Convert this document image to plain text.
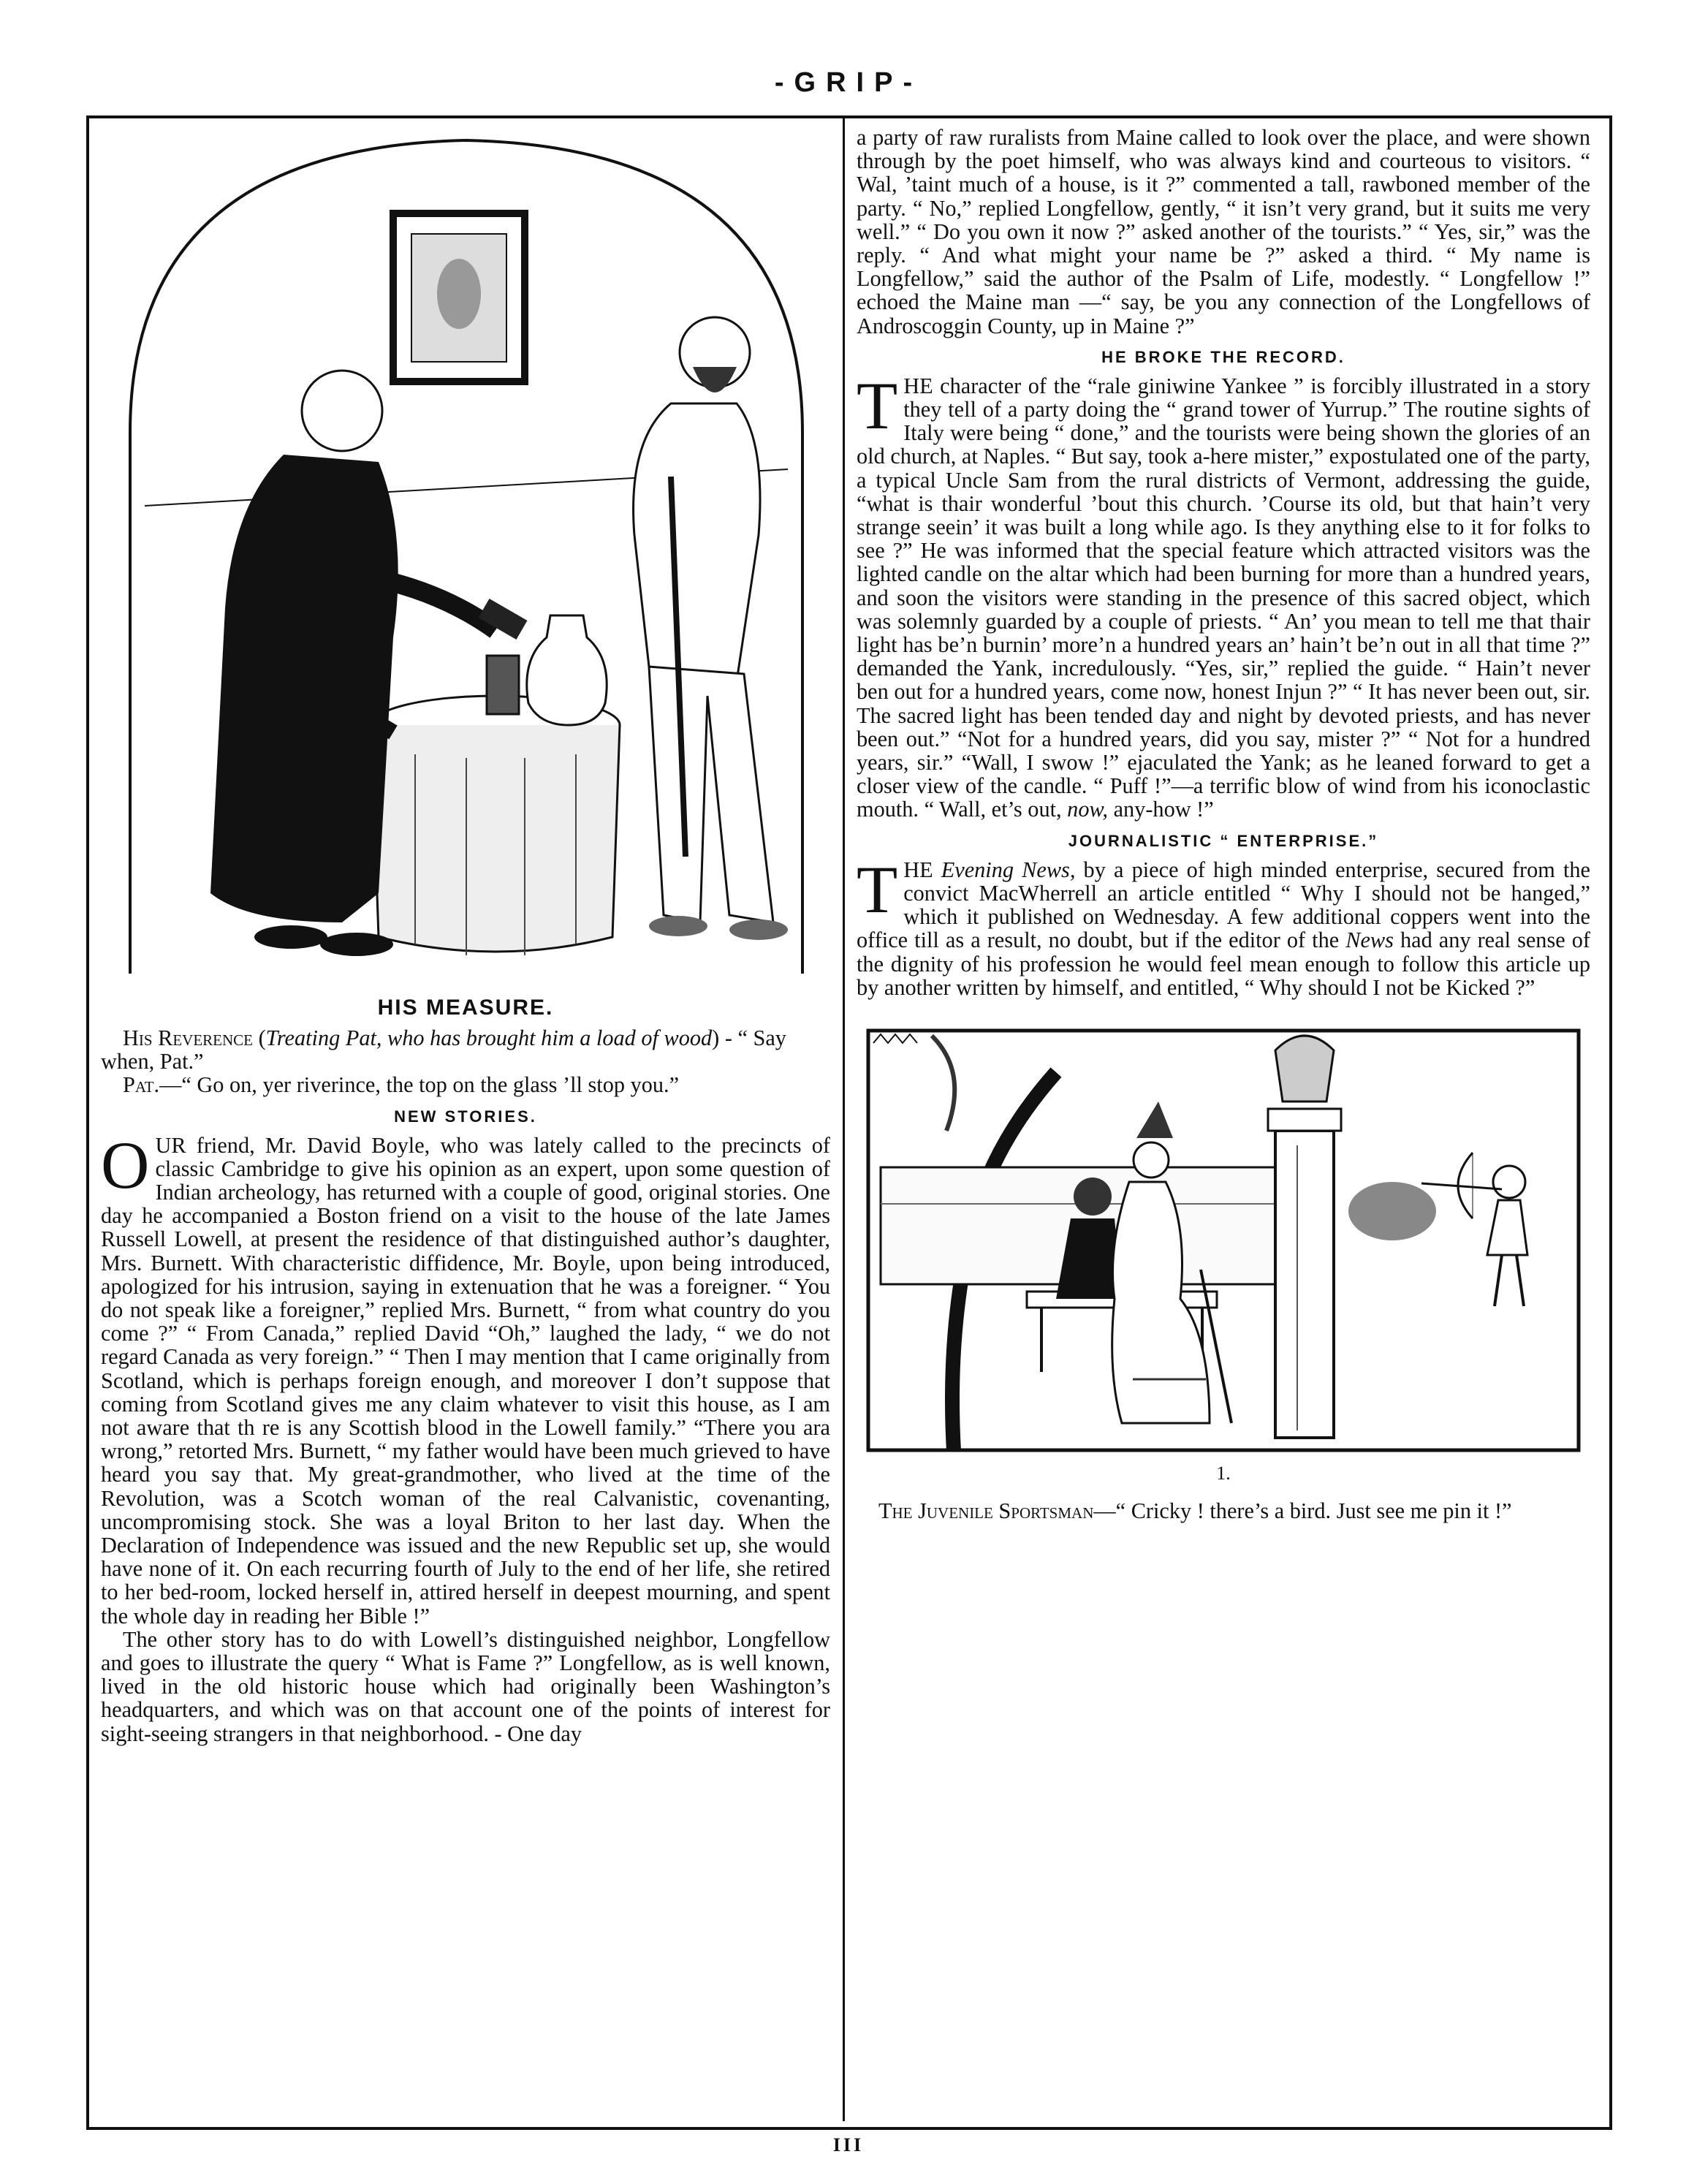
-GRIP-

HIS MEASURE.

His Reverence (Treating Pat, who has brought him a load of wood) - “ Say when, Pat.”

Pat.—“ Go on, yer riverince, the top on the glass ’ll stop you.”

NEW STORIES.

OUR friend, Mr. David Boyle, who was lately called to the precincts of classic Cambridge to give his opinion as an expert, upon some question of Indian archeology, has returned with a couple of good, original stories. One day he accompanied a Boston friend on a visit to the house of the late James Russell Lowell, at present the residence of that distinguished author’s daughter, Mrs. Burnett. With characteristic diffidence, Mr. Boyle, upon being introduced, apologized for his intrusion, saying in extenuation that he was a foreigner. “ You do not speak like a foreigner,” replied Mrs. Burnett, “ from what country do you come ?” “ From Canada,” replied David “Oh,” laughed the lady, “ we do not regard Canada as very foreign.” “ Then I may mention that I came originally from Scotland, which is perhaps foreign enough, and moreover I don’t suppose that coming from Scotland gives me any claim whatever to visit this house, as I am not aware that th re is any Scottish blood in the Lowell family.” “There you ara wrong,” retorted Mrs. Burnett, “ my father would have been much grieved to have heard you say that. My great-grandmother, who lived at the time of the Revolution, was a Scotch woman of the real Calvanistic, covenanting, uncompromising stock. She was a loyal Briton to her last day. When the Declaration of Independence was issued and the new Republic set up, she would have none of it. On each recurring fourth of July to the end of her life, she retired to her bed-room, locked herself in, attired herself in deepest mourning, and spent the whole day in reading her Bible !”

The other story has to do with Lowell’s distinguished neighbor, Longfellow and goes to illustrate the query “ What is Fame ?” Longfellow, as is well known, lived in the old historic house which had originally been Washington’s headquarters, and which was on that account one of the points of interest for sight-seeing strangers in that neighborhood. - One day

a party of raw ruralists from Maine called to look over the place, and were shown through by the poet himself, who was always kind and courteous to visitors. “ Wal, ’taint much of a house, is it ?” commented a tall, rawboned member of the party. “ No,” replied Longfellow, gently, “ it isn’t very grand, but it suits me very well.” “ Do you own it now ?” asked another of the tourists.” “ Yes, sir,” was the reply. “ And what might your name be ?” asked a third. “ My name is Longfellow,” said the author of the Psalm of Life, modestly. “ Longfellow !” echoed the Maine man —“ say, be you any connection of the Longfellows of Androscoggin County, up in Maine ?”

HE BROKE THE RECORD.

THE character of the “rale giniwine Yankee ” is forcibly illustrated in a story they tell of a party doing the “ grand tower of Yurrup.” The routine sights of Italy were being “ done,” and the tourists were being shown the glories of an old church, at Naples. “ But say, took a-here mister,” expostulated one of the party, a typical Uncle Sam from the rural districts of Vermont, addressing the guide, “what is thair wonderful ’bout this church. ’Course its old, but that hain’t very strange seein’ it was built a long while ago. Is they anything else to it for folks to see ?” He was informed that the special feature which attracted visitors was the lighted candle on the altar which had been burning for more than a hundred years, and soon the visitors were standing in the presence of this sacred object, which was solemnly guarded by a couple of priests. “ An’ you mean to tell me that thair light has be’n burnin’ more’n a hundred years an’ hain’t be’n out in all that time ?” demanded the Yank, incredulously. “Yes, sir,” replied the guide. “ Hain’t never ben out for a hundred years, come now, honest Injun ?” “ It has never been out, sir. The sacred light has been tended day and night by devoted priests, and has never been out.” “Not for a hundred years, did you say, mister ?” “ Not for a hundred years, sir.” “Wall, I swow !” ejaculated the Yank; as he leaned forward to get a closer view of the candle. “ Puff !”—a terrific blow of wind from his iconoclastic mouth. “ Wall, et’s out, now, any-how !”

JOURNALISTIC “ ENTERPRISE.”

THE Evening News, by a piece of high minded enterprise, secured from the convict MacWherrell an article entitled “ Why I should not be hanged,” which it published on Wednesday. A few additional coppers went into the office till as a result, no doubt, but if the editor of the News had any real sense of the dignity of his profession he would feel mean enough to follow this article up by another written by himself, and entitled, “ Why should I not be Kicked ?”

1.

The Juvenile Sportsman—“ Cricky ! there’s a bird. Just see me pin it !”

III
